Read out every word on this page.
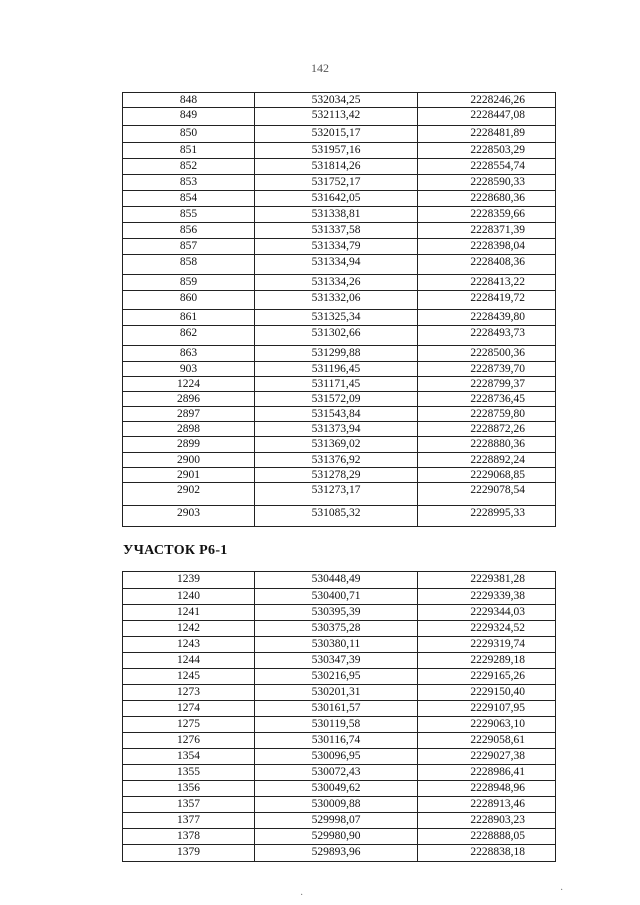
142
848	532034,25	2228246,26
849	532113,42	2228447,08
850	532015,17	2228481,89
851	531957,16	2228503,29
852	531814,26	2228554,74
853	531752,17	2228590,33
854	531642,05	2228680,36
855	531338,81	2228359,66
856	531337,58	2228371,39
857	531334,79	2228398,04
858	531334,94	2228408,36
859	531334,26	2228413,22
860	531332,06	2228419,72
861	531325,34	2228439,80
862	531302,66	2228493,73
863	531299,88	2228500,36
903	531196,45	2228739,70
1224	531171,45	2228799,37
2896	531572,09	2228736,45
2897	531543,84	2228759,80
2898	531373,94	2228872,26
2899	531369,02	2228880,36
2900	531376,92	2228892,24
2901	531278,29	2229068,85
2902	531273,17	2229078,54
2903	531085,32	2228995,33
УЧАСТОК Р6-1
1239	530448,49	2229381,28
1240	530400,71	2229339,38
1241	530395,39	2229344,03
1242	530375,28	2229324,52
1243	530380,11	2229319,74
1244	530347,39	2229289,18
1245	530216,95	2229165,26
1273	530201,31	2229150,40
1274	530161,57	2229107,95
1275	530119,58	2229063,10
1276	530116,74	2229058,61
1354	530096,95	2229027,38
1355	530072,43	2228986,41
1356	530049,62	2228948,96
1357	530009,88	2228913,46
1377	529998,07	2228903,23
1378	529980,90	2228888,05
1379	529893,96	2228838,18
·	·
